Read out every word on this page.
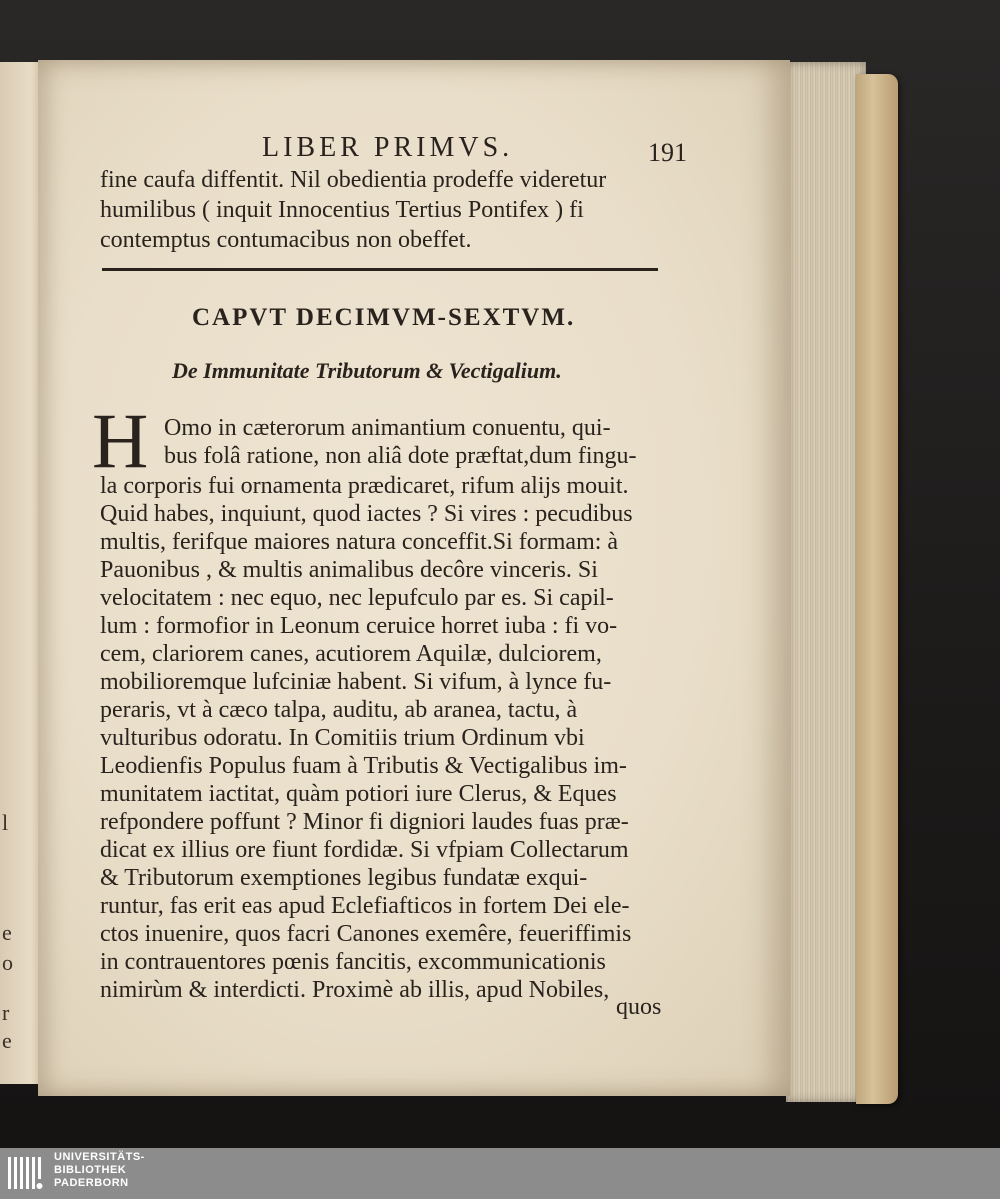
l
e
o
r
e
LIBER PRIMVS.	191
fine caufa diffentit. Nil obedientia prodeffe videretur
humilibus ( inquit Innocentius Tertius Pontifex ) fi
contemptus contumacibus non obeffet.
CAPVT DECIMVM-SEXTVM.
De Immunitate Tributorum & Vectigalium.
H Omo in cæterorum animantium conuentu, qui-
bus folâ ratione, non aliâ dote præftat,dum fingu-
la corporis fui ornamenta prædicaret, rifum alijs mouit.
Quid habes, inquiunt, quod iactes ? Si vires : pecudibus
multis, ferifque maiores natura conceffit.Si formam: à
Pauonibus , & multis animalibus decôre vinceris. Si
velocitatem : nec equo, nec lepufculo par es. Si capil-
lum : formofior in Leonum ceruice horret iuba : fi vo-
cem, clariorem canes, acutiorem Aquilæ, dulciorem,
mobilioremque lufciniæ habent. Si vifum, à lynce fu-
peraris, vt à cæco talpa, auditu, ab aranea, tactu, à
vulturibus odoratu. In Comitiis trium Ordinum vbi
Leodienfis Populus fuam à Tributis & Vectigalibus im-
munitatem iactitat, quàm potiori iure Clerus, & Eques
refpondere poffunt ? Minor fi digniori laudes fuas præ-
dicat ex illius ore fiunt fordidæ. Si vfpiam Collectarum
& Tributorum exemptiones legibus fundatæ exqui-
runtur, fas erit eas apud Eclefiafticos in fortem Dei ele-
ctos inuenire, quos facri Canones exemêre, feueriffimis
in contrauentores pœnis fancitis, excommunicationis
nimirùm & interdicti. Proximè ab illis, apud Nobiles,
quos
UNIVERSITÄTS-
BIBLIOTHEK
PADERBORN
